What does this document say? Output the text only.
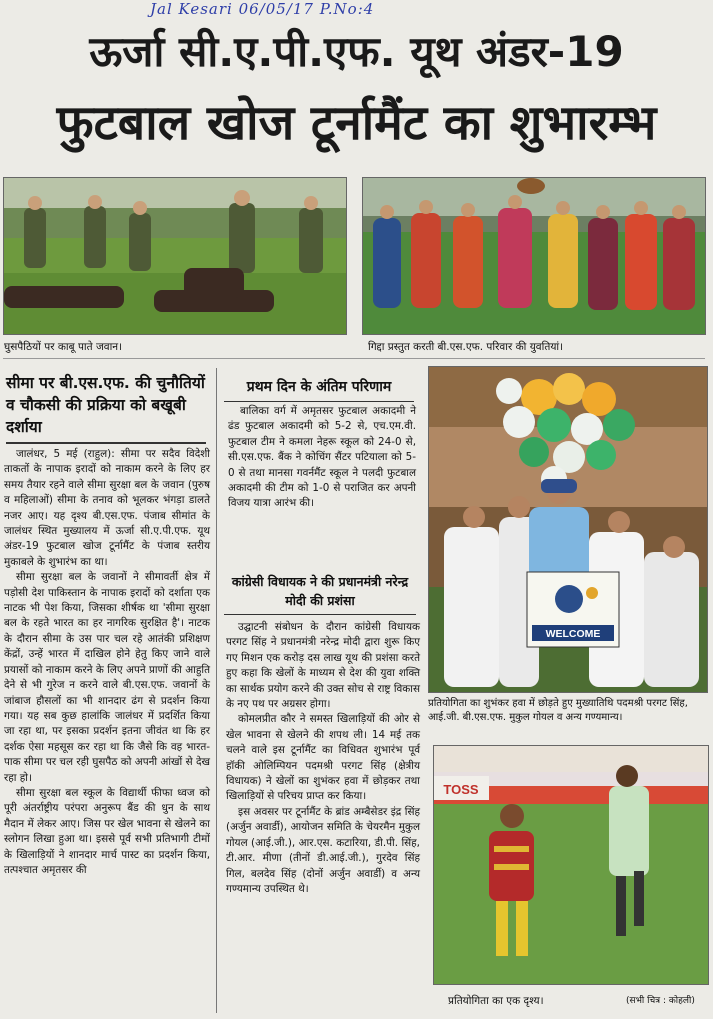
Jal Kesari 06/05/17 P.No:4
ऊर्जा सी.ए.पी.एफ. यूथ अंडर-19
फुटबाल खोज टूर्नामैंट का शुभारम्भ
घुसपैठियों पर काबू पाते जवान।	गिद्दा प्रस्तुत करती बी.एस.एफ. परिवार की युवतियां।
सीमा पर बी.एस.एफ. की चुनौतियों व चौकसी की प्रक्रिया को बखूबी दर्शाया

जालंधर, 5 मई (राहुल): सीमा पर सदैव विदेशी ताकतों के नापाक इरादों को नाकाम करने के लिए हर समय तैयार रहने वाले सीमा सुरक्षा बल के जवान (पुरुष व महिलाओं) सीमा के तनाव को भूलकर भंगड़ा डालते नजर आए। यह दृश्य बी.एस.एफ. पंजाब सीमांत के जालंधर स्थित मुख्यालय में ऊर्जा सी.ए.पी.एफ. यूथ अंडर-19 फुटबाल खोज टूर्नामैंट के पंजाब स्तरीय मुकाबले के शुभारंभ का था।

सीमा सुरक्षा बल के जवानों ने सीमावर्ती क्षेत्र में पड़ोसी देश पाकिस्तान के नापाक इरादों को दर्शाता एक नाटक भी पेश किया, जिसका शीर्षक था 'सीमा सुरक्षा बल के रहते भारत का हर नागरिक सुरक्षित है'। नाटक के दौरान सीमा के उस पार चल रहे आतंकी प्रशिक्षण केंद्रों, उन्हें भारत में दाखिल होने हेतु किए जाने वाले प्रयासों को नाकाम करने के लिए अपने प्राणों की आहुति देने से भी गुरेज न करने वाले बी.एस.एफ. जवानों के जांबाज हौसलों का भी शानदार ढंग से प्रदर्शन किया गया। यह सब कुछ हालांकि जालंधर में प्रदर्शित किया जा रहा था, पर इसका प्रदर्शन इतना जीवंत था कि हर दर्शक ऐसा महसूस कर रहा था कि जैसे कि वह भारत-पाक सीमा पर चल रही घुसपैठ को अपनी आंखों से देख रहा हो।

सीमा सुरक्षा बल स्कूल के विद्यार्थी फीफा ध्वज को पूरी अंतर्राष्ट्रीय परंपरा अनुरूप बैंड की धुन के साथ मैदान में लेकर आए। जिस पर खेल भावना से खेलने का स्लोगन लिखा हुआ था। इससे पूर्व सभी प्रतिभागी टीमों के खिलाड़ियों ने शानदार मार्च पास्ट का प्रदर्शन किया, तत्पश्चात अमृतसर की

प्रथम दिन के अंतिम परिणाम

बालिका वर्ग में अमृतसर फुटबाल अकादमी ने ढंड फुटबाल अकादमी को 5-2 से, एच.एम.वी. फुटबाल टीम ने कमला नेहरू स्कूल को 24-0 से, सी.एस.एफ. बैंक ने कोचिंग सैंटर पटियाला को 5-0 से तथा मानसा गवर्नमैंट स्कूल ने पलदी फुटबाल अकादमी की टीम को 1-0 से पराजित कर अपनी विजय यात्रा आरंभ की।

कांग्रेसी विधायक ने की प्रधानमंत्री नरेन्द्र मोदी की प्रशंसा

उद्घाटनी संबोधन के दौरान कांग्रेसी विधायक परगट सिंह ने प्रधानमंत्री नरेन्द्र मोदी द्वारा शुरू किए गए मिशन एक करोड़ दस लाख यूथ की प्रशंसा करते हुए कहा कि खेलों के माध्यम से देश की युवा शक्ति का सार्थक प्रयोग करने की उक्त सोच से राष्ट्र विकास के नए पथ पर अग्रसर होगा।

कोमलप्रीत कौर ने समस्त खिलाड़ियों की ओर से खेल भावना से खेलने की शपथ ली। 14 मई तक चलने वाले इस टूर्नामैंट का विधिवत शुभारंभ पूर्व हॉकी ओलिम्पियन पदमश्री परगट सिंह (क्षेत्रीय विधायक) ने खेलों का शुभंकर हवा में छोड़कर तथा खिलाड़ियों से परिचय प्राप्त कर किया।

इस अवसर पर टूर्नामैंट के ब्रांड अम्बैसेडर इंद्र सिंह (अर्जुन अवार्डी), आयोजन समिति के चेयरमैन मुकुल गोयल (आई.जी.), आर.एस. कटारिया, डी.पी. सिंह, टी.आर. मीणा (तीनों डी.आई.जी.), गुरदेव सिंह गिल, बलदेव सिंह (दोनों अर्जुन अवार्डी) व अन्य गण्यमान्य उपस्थित थे।

WELCOME
प्रतियोगिता का शुभंकर हवा में छोड़ते हुए मुख्यातिथि पदमश्री परगट सिंह, आई.जी. बी.एस.एफ. मुकुल गोयल व अन्य गण्यमान्य।
TOSS
प्रतियोगिता का एक दृश्य।	(सभी चित्र : कोहली)
